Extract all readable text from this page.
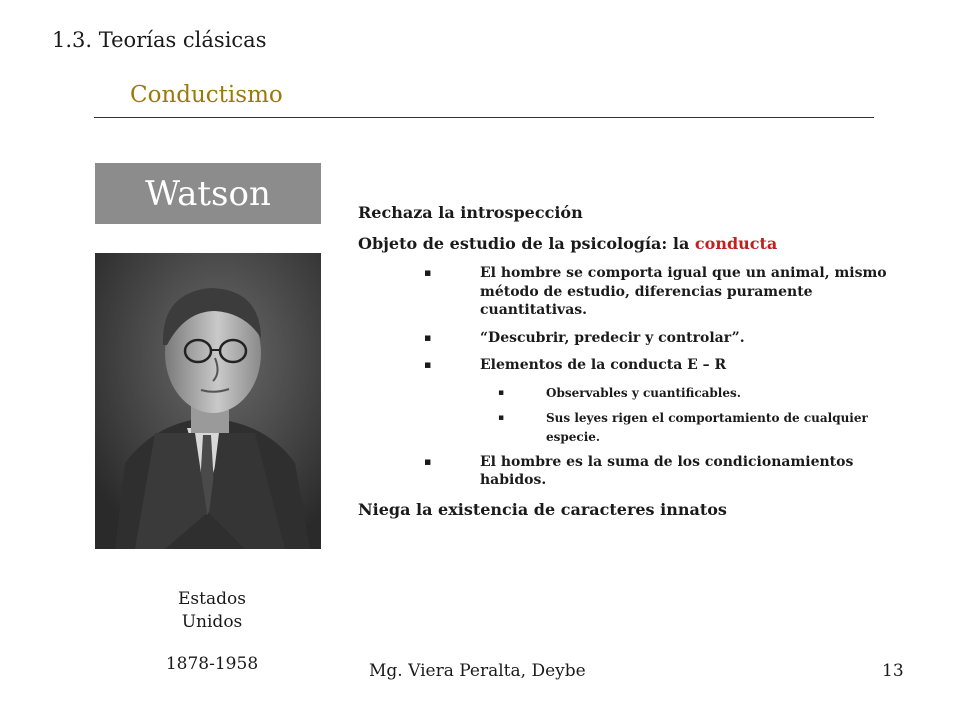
1.3. Teorías clásicas
Conductismo
Watson
Estados
Unidos
1878-1958
Rechaza la introspección
Objeto de estudio de la psicología: la conducta
▪	El hombre se comporta igual que un animal, mismo método de estudio, diferencias puramente cuantitativas.
▪	“Descubrir, predecir y controlar”.
▪	Elementos de la conducta E – R
▪	Observables y cuantificables.
▪	Sus leyes rigen el comportamiento de cualquier especie.
▪	El hombre es la suma de los condicionamientos habidos.
Niega la existencia de caracteres innatos
Mg. Viera Peralta, Deybe	13
